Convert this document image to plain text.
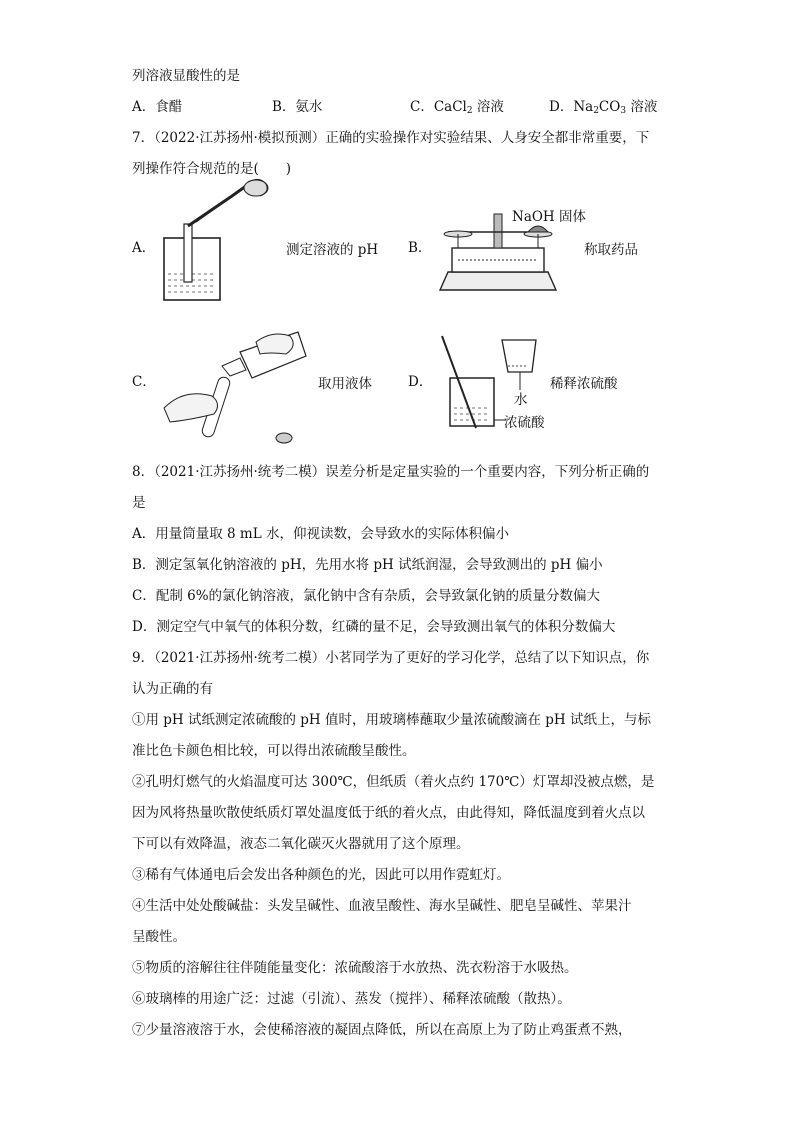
列溶液显酸性的是
A．食醋	B．氨水	C．CaCl$_2$ 溶液	D．$Na_2CO_3$ 溶液
7．（2022·江苏扬州·模拟预测）正确的实验操作对实验结果、人身安全都非常重要，下
列操作符合规范的是(　　)
A．	测定溶液的 pH B．
NaOH 固体
称取药品
C．	取用液体	D．
水
浓硫酸
稀释浓硫酸
8．（2021·江苏扬州·统考二模）误差分析是定量实验的一个重要内容，下列分析正确的
是
A．用量筒量取 8 mL 水，仰视读数，会导致水的实际体积偏小
B．测定氢氧化钠溶液的 pH，先用水将 pH 试纸润湿，会导致测出的 pH 偏小
C．配制 6%的氯化钠溶液，氯化钠中含有杂质，会导致氯化钠的质量分数偏大
D．测定空气中氧气的体积分数，红磷的量不足，会导致测出氧气的体积分数偏大
9．（2021·江苏扬州·统考二模）小茗同学为了更好的学习化学，总结了以下知识点，你
认为正确的有
①用 pH 试纸测定浓硫酸的 pH 值时，用玻璃棒蘸取少量浓硫酸滴在 pH 试纸上，与标
准比色卡颜色相比较，可以得出浓硫酸呈酸性。
②孔明灯燃气的火焰温度可达 300℃，但纸质（着火点约 170℃）灯罩却没被点燃，是
因为风将热量吹散使纸质灯罩处温度低于纸的着火点，由此得知，降低温度到着火点以
下可以有效降温，液态二氧化碳灭火器就用了这个原理。
③稀有气体通电后会发出各种颜色的光，因此可以用作霓虹灯。
④生活中处处酸碱盐：头发呈碱性、血液呈酸性、海水呈碱性、肥皂呈碱性、苹果汁
呈酸性。
⑤物质的溶解往往伴随能量变化：浓硫酸溶于水放热、洗衣粉溶于水吸热。
⑥玻璃棒的用途广泛：过滤（引流）、蒸发（搅拌）、稀释浓硫酸（散热）。
⑦少量溶液溶于水，会使稀溶液的凝固点降低，所以在高原上为了防止鸡蛋煮不熟，
